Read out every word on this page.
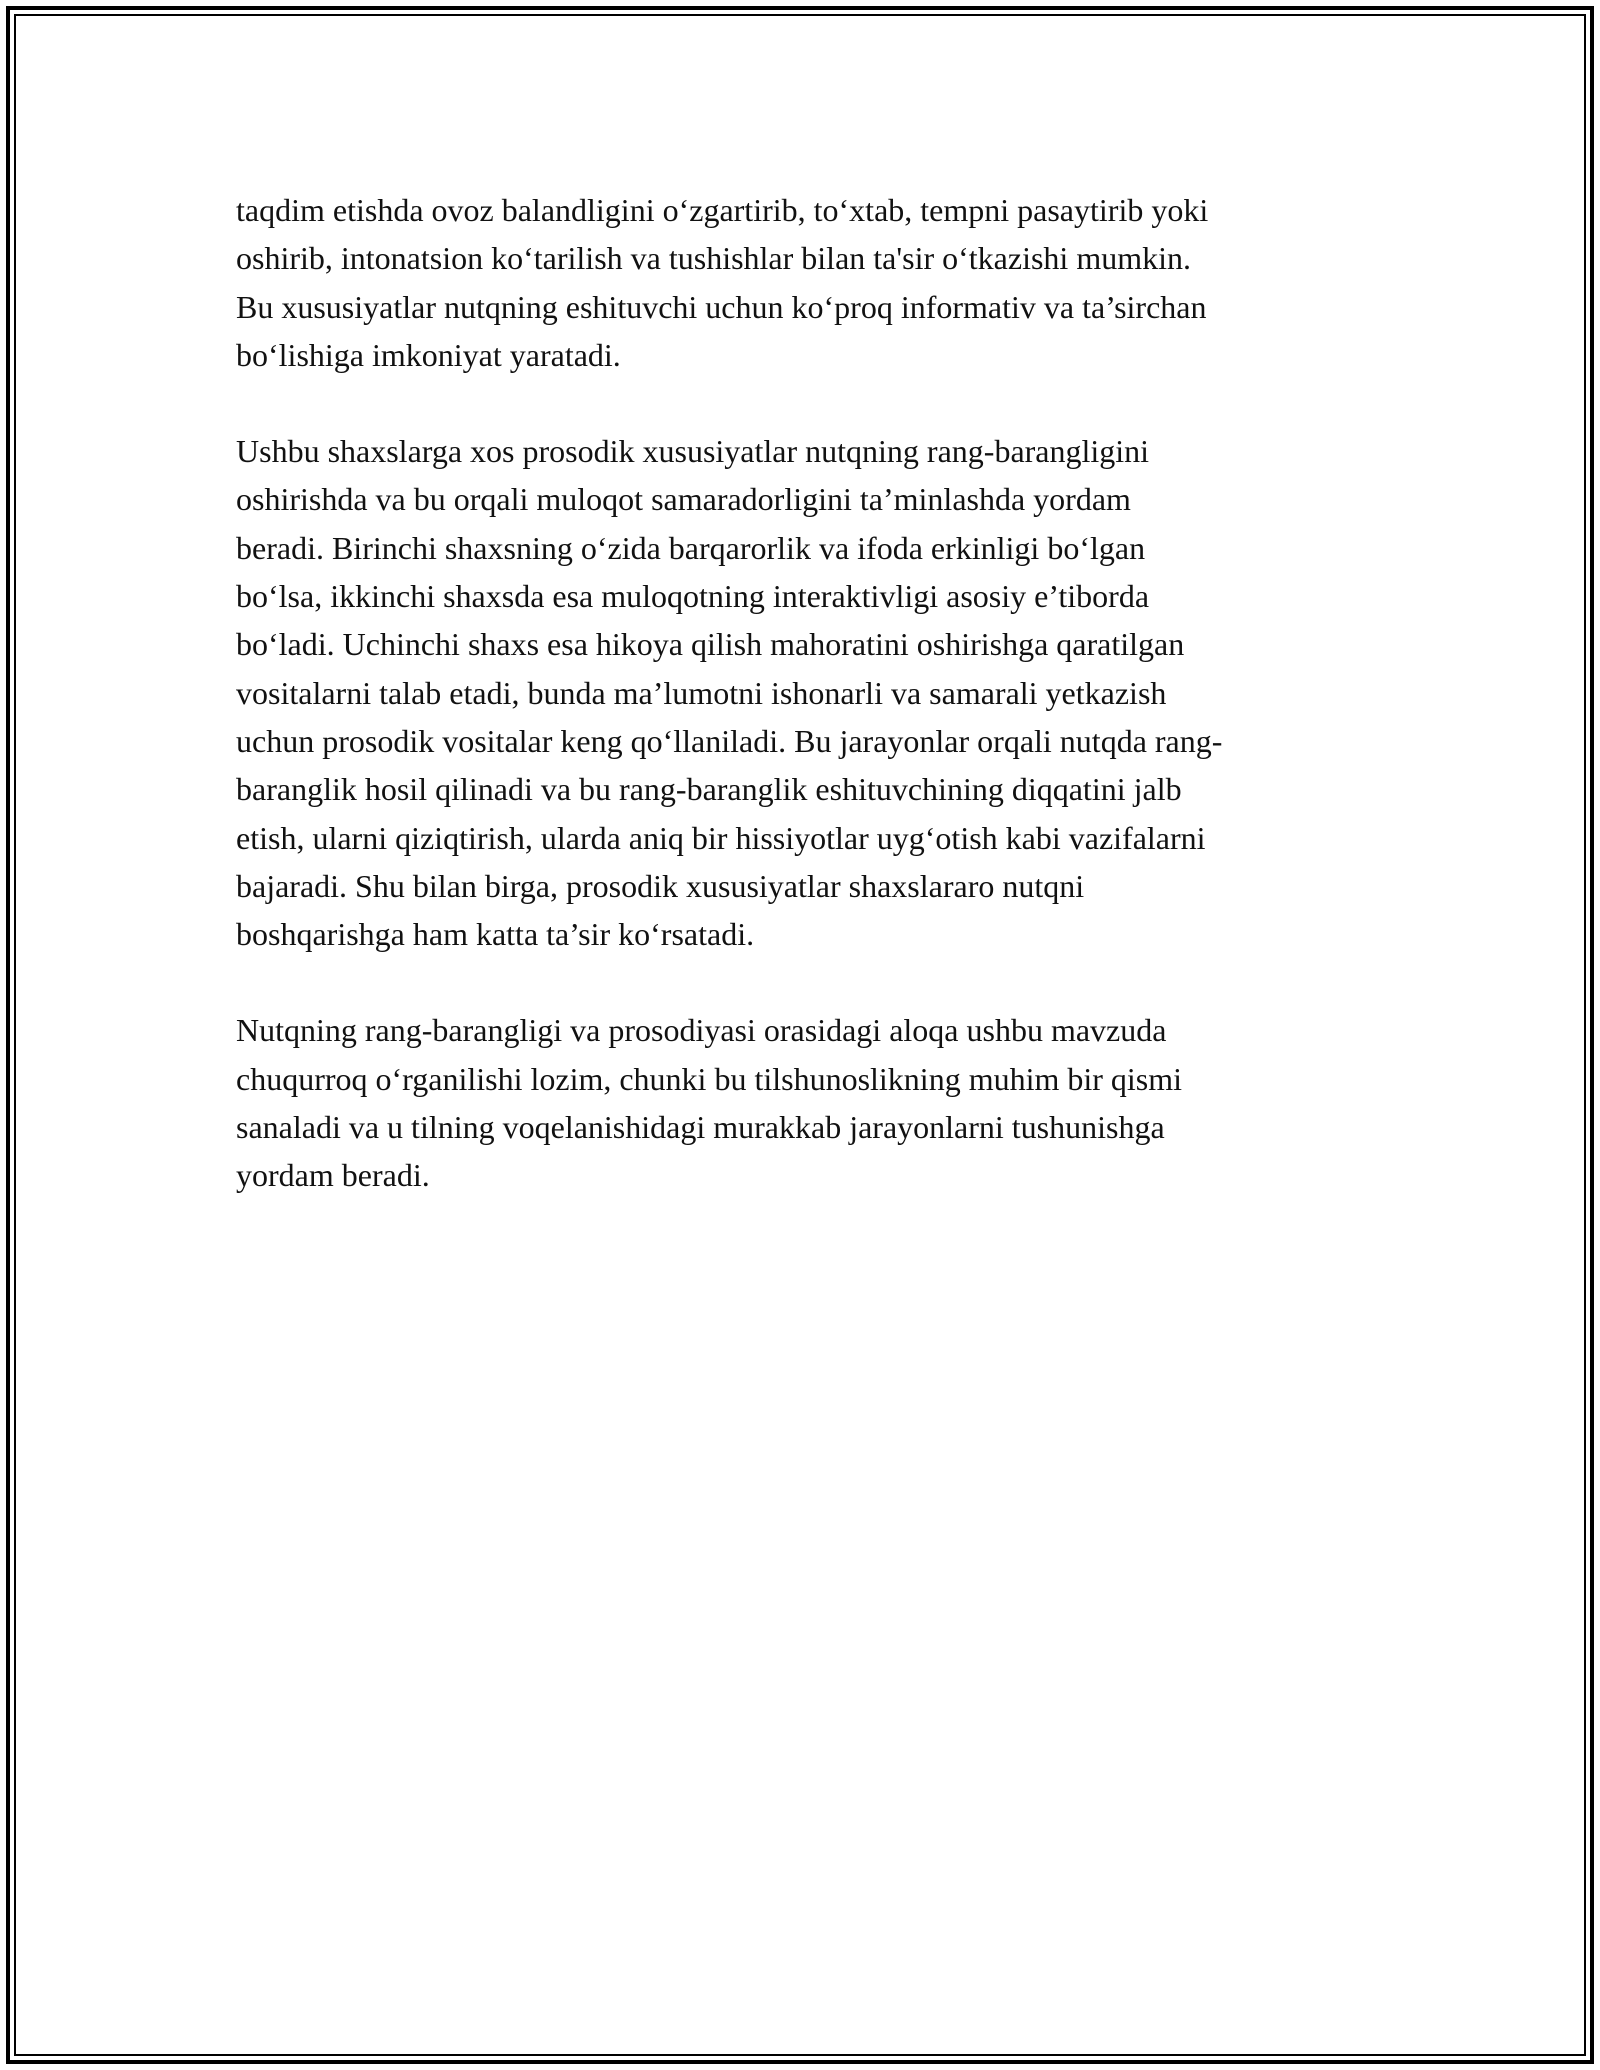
taqdim etishda ovoz balandligini o‘zgartirib, to‘xtab, tempni pasaytirib yoki
oshirib, intonatsion ko‘tarilish va tushishlar bilan ta'sir o‘tkazishi mumkin.
Bu xususiyatlar nutqning eshituvchi uchun ko‘proq informativ va ta’sirchan
bo‘lishiga imkoniyat yaratadi.

Ushbu shaxslarga xos prosodik xususiyatlar nutqning rang-barangligini
oshirishda va bu orqali muloqot samaradorligini ta’minlashda yordam
beradi. Birinchi shaxsning o‘zida barqarorlik va ifoda erkinligi bo‘lgan
bo‘lsa, ikkinchi shaxsda esa muloqotning interaktivligi asosiy e’tiborda
bo‘ladi. Uchinchi shaxs esa hikoya qilish mahoratini oshirishga qaratilgan
vositalarni talab etadi, bunda ma’lumotni ishonarli va samarali yetkazish
uchun prosodik vositalar keng qo‘llaniladi. Bu jarayonlar orqali nutqda rang-
baranglik hosil qilinadi va bu rang-baranglik eshituvchining diqqatini jalb
etish, ularni qiziqtirish, ularda aniq bir hissiyotlar uyg‘otish kabi vazifalarni
bajaradi. Shu bilan birga, prosodik xususiyatlar shaxslararo nutqni
boshqarishga ham katta ta’sir ko‘rsatadi.

Nutqning rang-barangligi va prosodiyasi orasidagi aloqa ushbu mavzuda
chuqurroq o‘rganilishi lozim, chunki bu tilshunoslikning muhim bir qismi
sanaladi va u tilning voqelanishidagi murakkab jarayonlarni tushunishga
yordam beradi.
